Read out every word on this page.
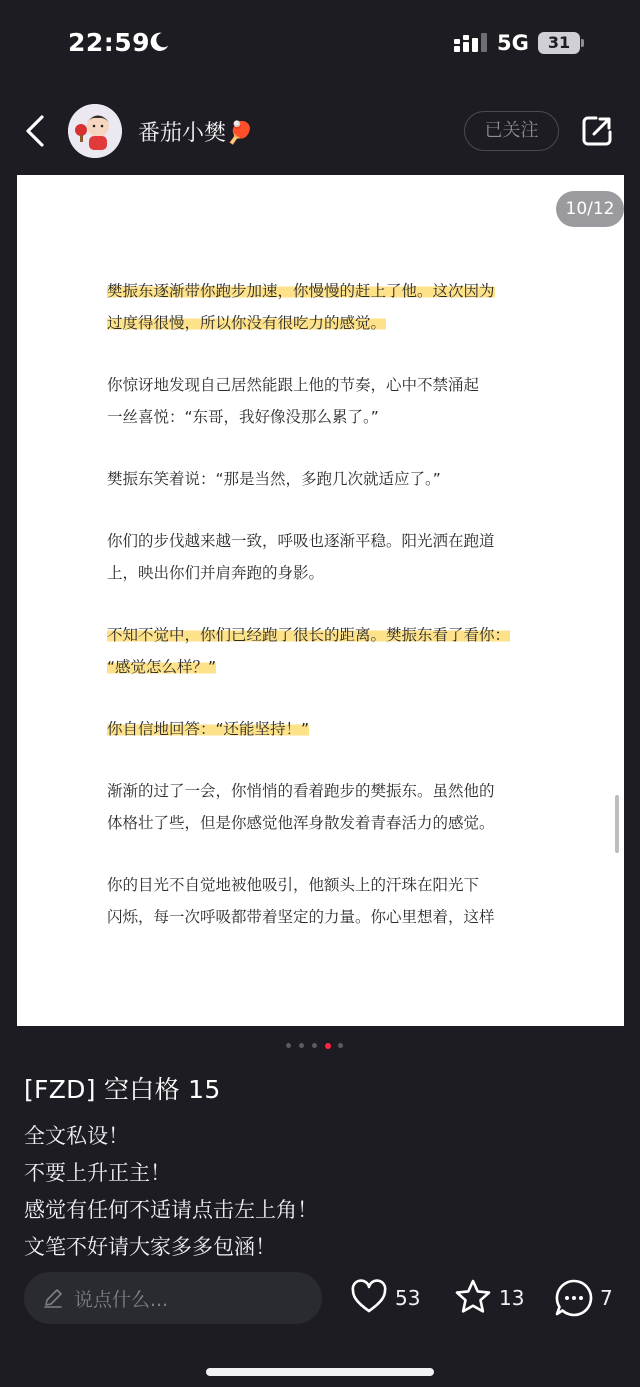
22:59	5G	31
番茄小樊🏓	已关注
10/12
樊振东逐渐带你跑步加速，你慢慢的赶上了他。这次因为
过度得很慢，所以你没有很吃力的感觉。
你惊讶地发现自己居然能跟上他的节奏，心中不禁涌起
一丝喜悦：“东哥，我好像没那么累了。”
樊振东笑着说：“那是当然，多跑几次就适应了。”
你们的步伐越来越一致，呼吸也逐渐平稳。阳光洒在跑道
上，映出你们并肩奔跑的身影。
不知不觉中，你们已经跑了很长的距离。樊振东看了看你：
“感觉怎么样？”
你自信地回答：“还能坚持！”
渐渐的过了一会，你悄悄的看着跑步的樊振东。虽然他的
体格壮了些，但是你感觉他浑身散发着青春活力的感觉。
你的目光不自觉地被他吸引，他额头上的汗珠在阳光下
闪烁，每一次呼吸都带着坚定的力量。你心里想着，这样
[FZD] 空白格 15
全文私设！
不要上升正主！
感觉有任何不适请点击左上角！
文笔不好请大家多多包涵！
说点什么...	53	13	7
